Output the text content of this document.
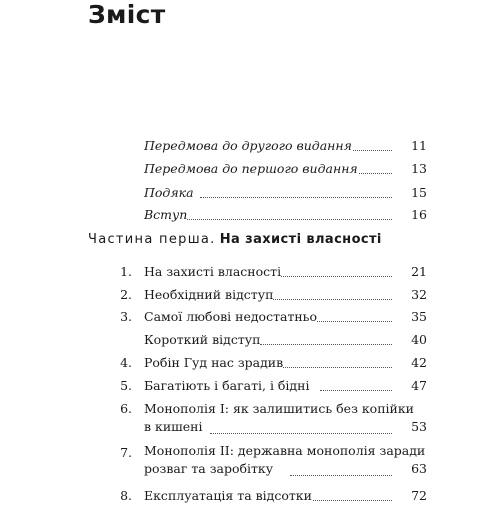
Зміст
Передмова до другого видання	11
Передмова до першого видання	13
Подяка	15
Вступ	16
Частина перша. На захисті власності
1. На захисті власності	21
2. Необхідний відступ	32
3. Самої любові недостатньо	35
Короткий відступ	40
4. Робін Гуд нас зрадив	42
5. Багатіють і багаті, і бідні	47
6. Монополія I: як залишитись без копійки
в кишені	53
7. Монополія II: державна монополія заради
розваг та заробітку	63
8. Експлуатація та відсотки	72
